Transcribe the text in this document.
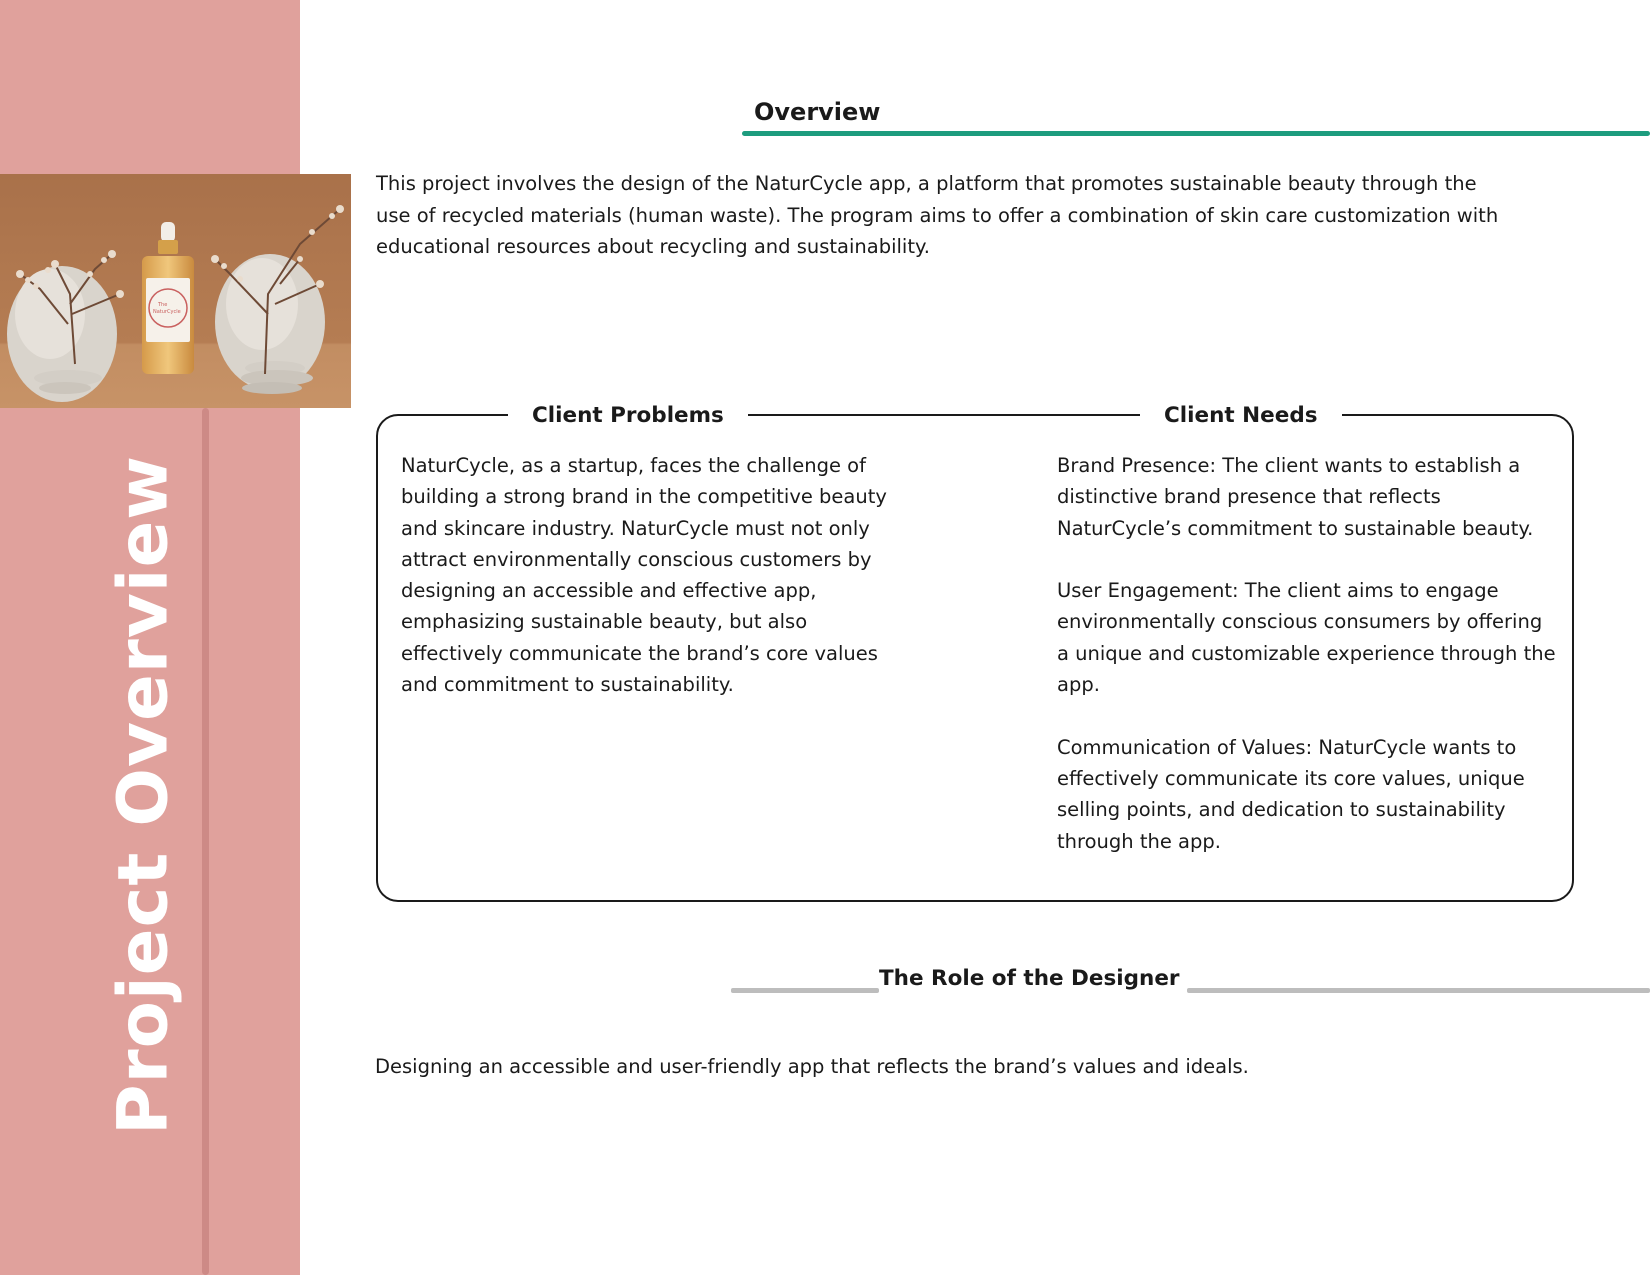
Project Overview
The
NaturCycle
Overview
This project involves the design of the NaturCycle app, a platform that promotes sustainable beauty through the use of recycled materials (human waste). The program aims to offer a combination of skin care customization with educational resources about recycling and sustainability.
Client Problems	Client Needs
NaturCycle, as a startup, faces the challenge of building a strong brand in the competitive beauty and skincare industry. NaturCycle must not only attract environmentally conscious customers by designing an accessible and effective app, emphasizing sustainable beauty, but also effectively communicate the brand’s core values and commitment to sustainability.

Brand Presence: The client wants to establish a distinctive brand presence that reflects NaturCycle’s commitment to sustainable beauty.

User Engagement: The client aims to engage environmentally conscious consumers by offering a unique and customizable experience through the app.

Communication of Values: NaturCycle wants to effectively communicate its core values, unique selling points, and dedication to sustainability through the app.

The Role of the Designer
Designing an accessible and user-friendly app that reflects the brand’s values and ideals.
